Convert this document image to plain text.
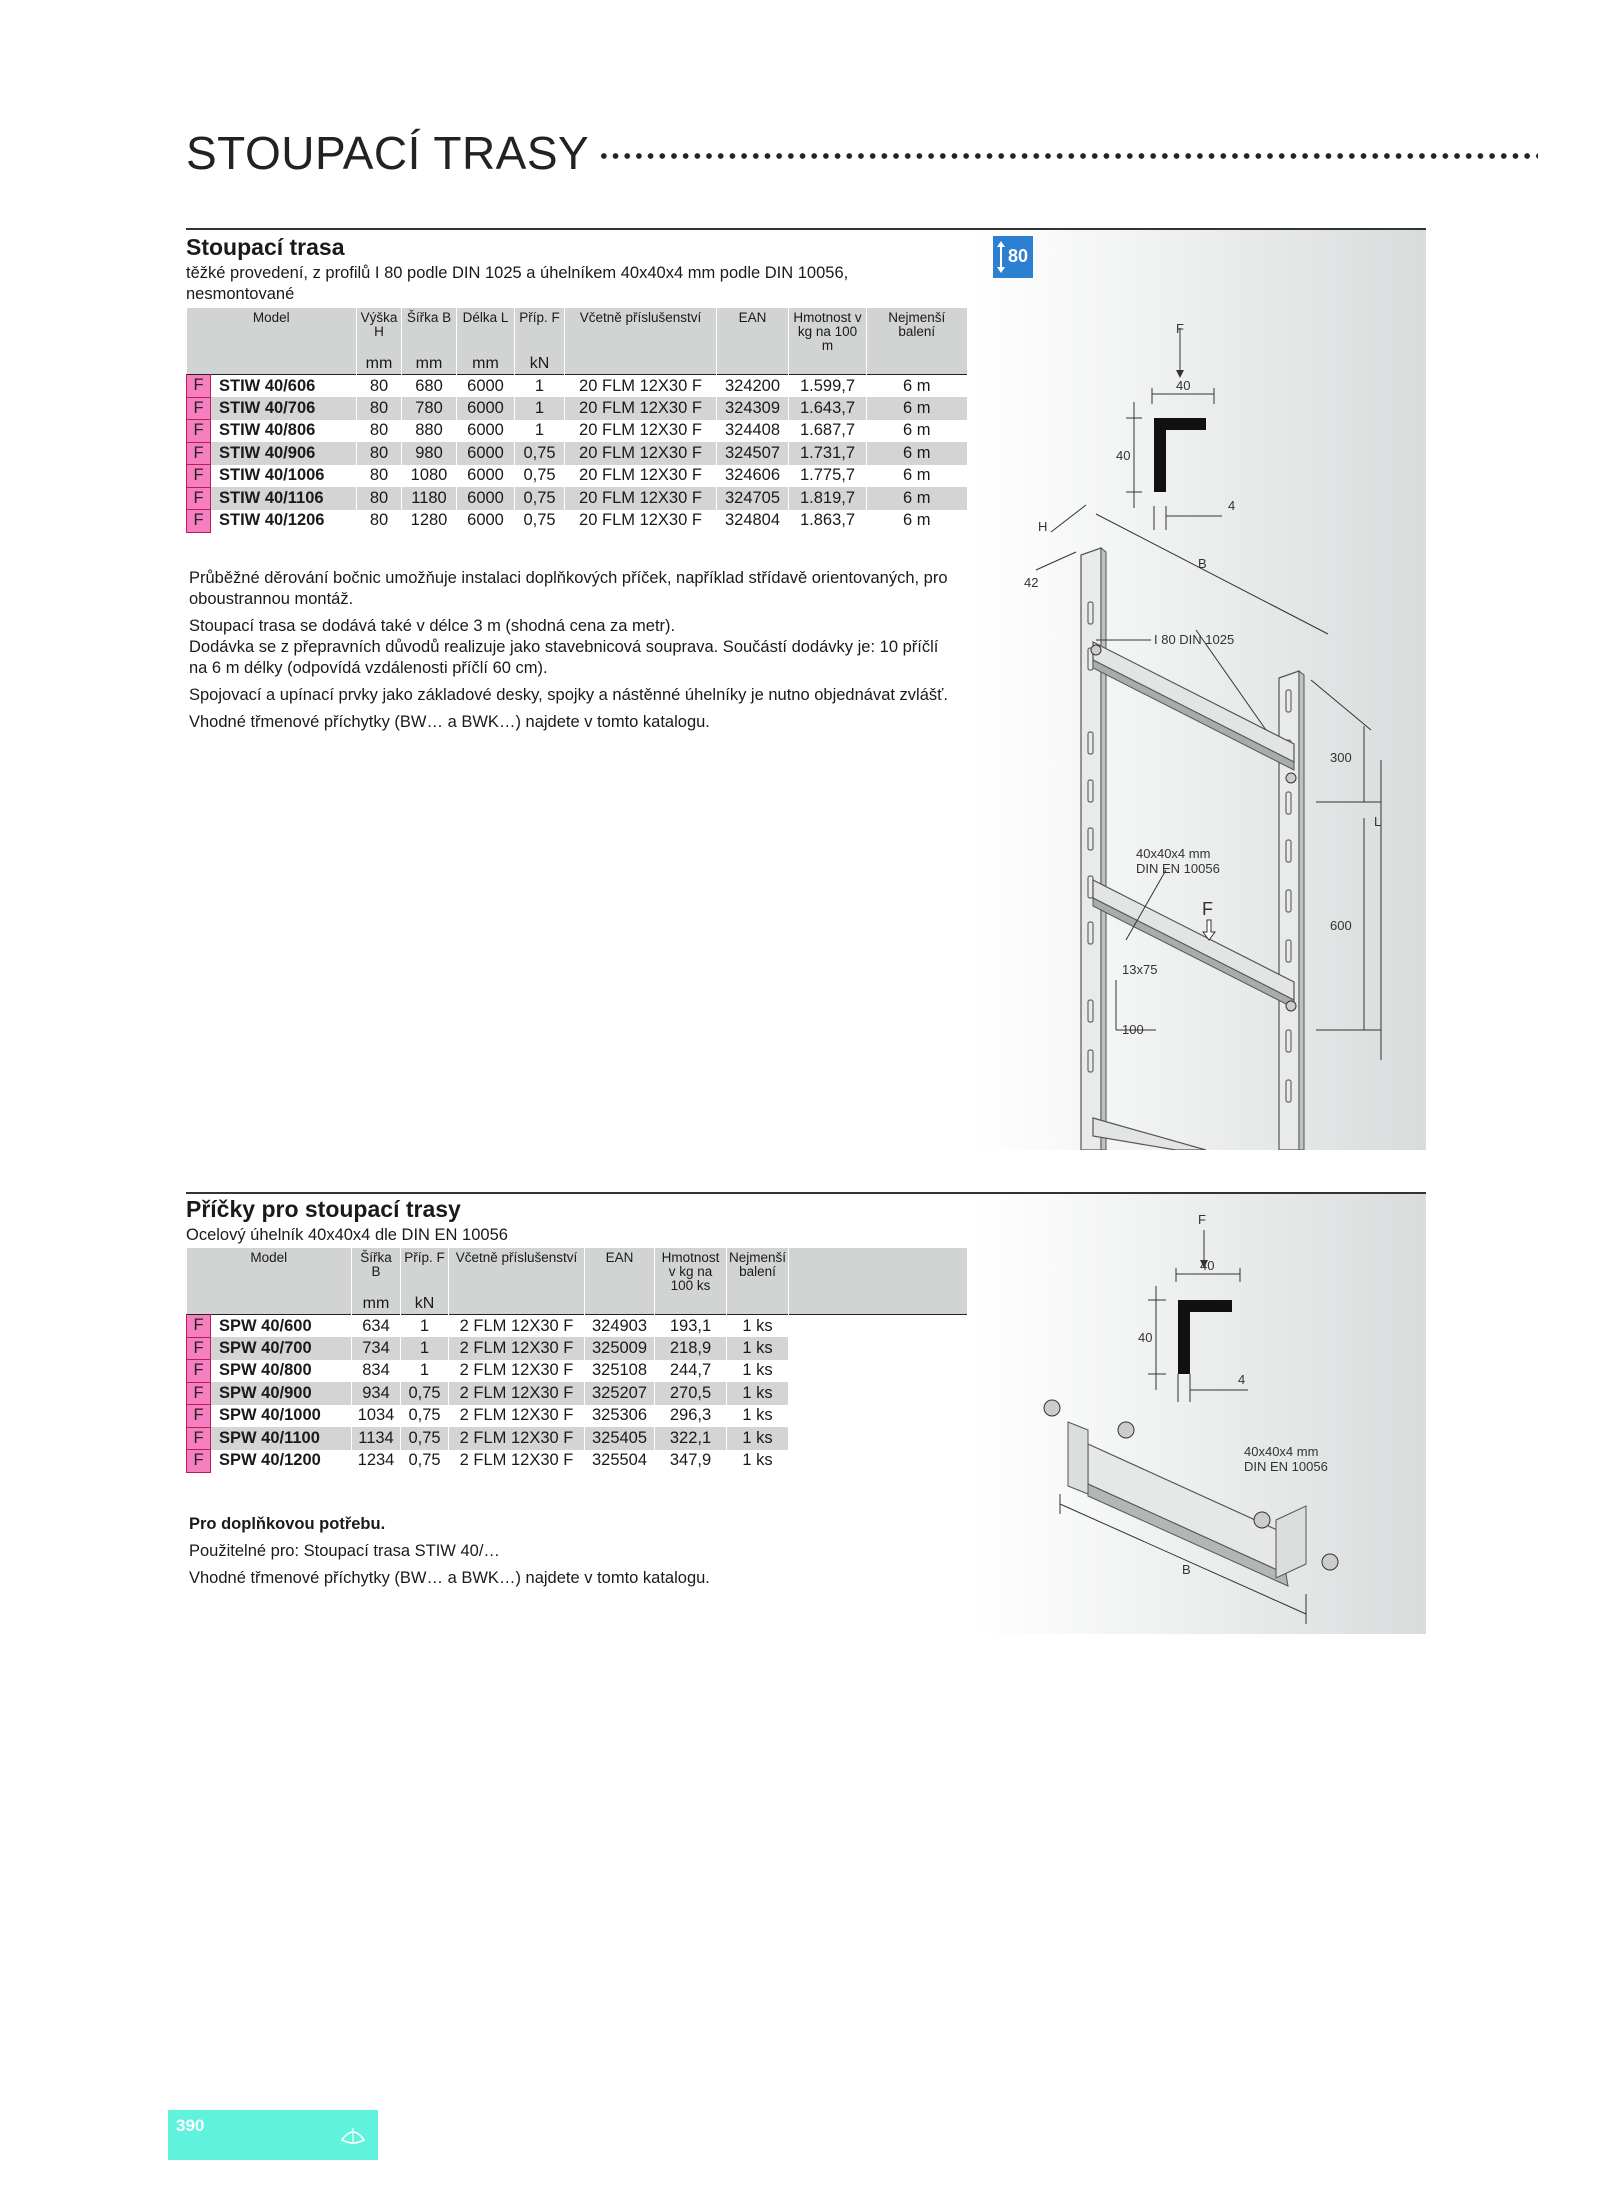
STOUPACÍ TRASY
Stoupací trasa
těžké provedení, z profilů I 80 podle DIN 1025 a úhelníkem 40x40x4 mm podle DIN 10056, nesmontované
Model		Výška H	Šířka B	Délka L	Příp. F	Včetně příslušenství	EAN	Hmotnost v kg na 100 m	Nejmenší balení
		mm	mm	mm	kN				
F	STIW 40/606	80	680	6000	1	20 FLM 12X30 F	324200	1.599,7	6 m
F	STIW 40/706	80	780	6000	1	20 FLM 12X30 F	324309	1.643,7	6 m
F	STIW 40/806	80	880	6000	1	20 FLM 12X30 F	324408	1.687,7	6 m
F	STIW 40/906	80	980	6000	0,75	20 FLM 12X30 F	324507	1.731,7	6 m
F	STIW 40/1006	80	1080	6000	0,75	20 FLM 12X30 F	324606	1.775,7	6 m
F	STIW 40/1106	80	1180	6000	0,75	20 FLM 12X30 F	324705	1.819,7	6 m
F	STIW 40/1206	80	1280	6000	0,75	20 FLM 12X30 F	324804	1.863,7	6 m

Průběžné děrování bočnic umožňuje instalaci doplňkových příček, například střídavě orientovaných, pro oboustrannou montáž.

Stoupací trasa se dodává také v délce 3 m (shodná cena za metr).
Dodávka se z přepravních důvodů realizuje jako stavebnicová souprava. Součástí dodávky je: 10 příčlí na 6 m délky (odpovídá vzdálenosti příčlí 60 cm).

Spojovací a upínací prvky jako základové desky, spojky a nástěnné úhelníky je nutno objednávat zvlášť.

Vhodné třmenové příchytky (BW… a BWK…) najdete v tomto katalogu.

F
40
40
4
H
42
B
I 80 DIN 1025
300
L
40x40x4 mm
DIN EN 10056
F
600
13x75
100
80
Příčky pro stoupací trasy
Ocelový úhelník 40x40x4 dle DIN EN 10056
Model		Šířka B	Příp. F	Včetně příslušenství	EAN	Hmotnost v kg na 100 ks	Nejmenší balení	
		mm	kN					
F	SPW 40/600	634	1	2 FLM 12X30 F	324903	193,1	1 ks	
F	SPW 40/700	734	1	2 FLM 12X30 F	325009	218,9	1 ks	
F	SPW 40/800	834	1	2 FLM 12X30 F	325108	244,7	1 ks	
F	SPW 40/900	934	0,75	2 FLM 12X30 F	325207	270,5	1 ks	
F	SPW 40/1000	1034	0,75	2 FLM 12X30 F	325306	296,3	1 ks	
F	SPW 40/1100	1134	0,75	2 FLM 12X30 F	325405	322,1	1 ks	
F	SPW 40/1200	1234	0,75	2 FLM 12X30 F	325504	347,9	1 ks	

Pro doplňkovou potřebu.

Použitelné pro: Stoupací trasa STIW 40/…

Vhodné třmenové příchytky (BW… a BWK…) najdete v tomto katalogu.

F
40
40
4
40x40x4 mm
DIN EN 10056
B
390
